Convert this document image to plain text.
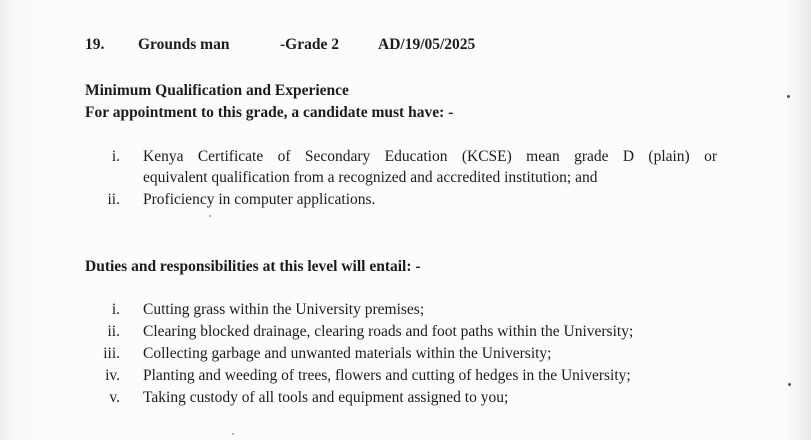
19. Grounds man	-Grade 2	AD/19/05/2025
Minimum Qualification and Experience
For appointment to this grade, a candidate must have: -
i. Kenya Certificate of Secondary Education (KCSE) mean grade D (plain) or
equivalent qualification from a recognized and accredited institution; and
ii. Proficiency in computer applications.
Duties and responsibilities at this level will entail: -
i. Cutting grass within the University premises;
ii. Clearing blocked drainage, clearing roads and foot paths within the University;
iii. Collecting garbage and unwanted materials within the University;
iv. Planting and weeding of trees, flowers and cutting of hedges in the University;
v. Taking custody of all tools and equipment assigned to you;
